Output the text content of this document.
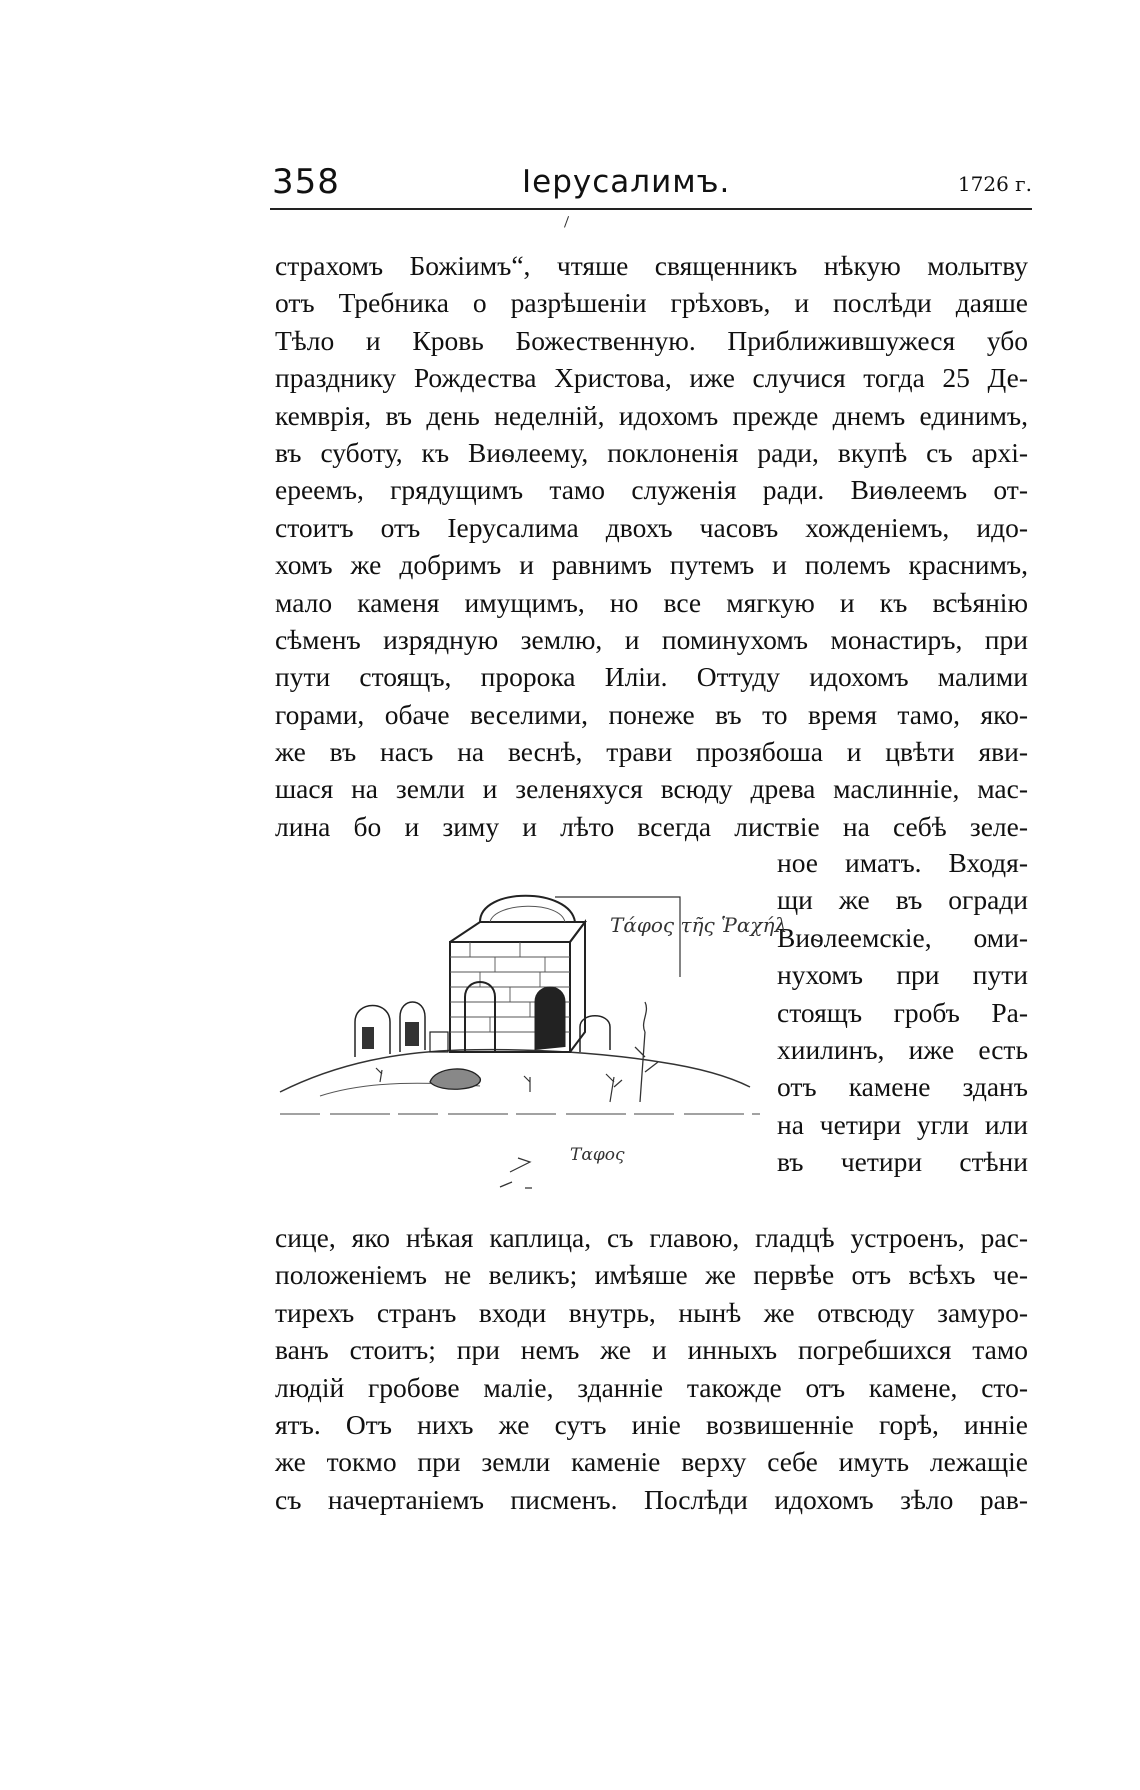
358	Іерусалимъ.	1726 г.
страхомъ Божіимъ“, чтяше священникъ нѣкую молытву
отъ Требника о разрѣшеніи грѣховъ, и послѣди даяше
Тѣло и Кровь Божественную. Приближившужеся убо
празднику Рождества Христова, иже случися тогда 25 Де-
кемврія, въ день неделній, идохомъ прежде днемъ единимъ,
въ суботу, къ Виѳлеему, поклоненія ради, вкупѣ съ архі-
ереемъ, грядущимъ тамо служенія ради. Виѳлеемъ от-
стоитъ отъ Іерусалима двохъ часовъ хожденіемъ, идо-
хомъ же добримъ и равнимъ путемъ и полемъ краснимъ,
мало каменя имущимъ, но все мягкую и къ всѣянію
сѣменъ изрядную землю, и поминухомъ монастиръ, при
пути стоящъ, пророка Иліи. Оттуду идохомъ малими
горами, обаче веселими, понеже въ то время тамо, яко-
же въ насъ на веснѣ, трави прозябоша и цвѣти яви-
шася на земли и зеленяхуся всюду древа маслинніе, мас-
лина бо и зиму и лѣто всегда листвіе на себѣ зеле-
ное иматъ. Входя-
щи же въ огради
Виѳлеемскіе, оми-
нухомъ при пути
стоящъ гробъ Ра-
хиилинъ, иже есть
отъ камене зданъ
на четири угли или
въ четири стѣни
Τάφος τῆς Ῥαχήλ
Ταφος
сице, яко нѣкая каплица, съ главою, гладцѣ устроенъ, рас-
положеніемъ не великъ; имѣяше же первѣе отъ всѣхъ че-
тирехъ странъ входи внутрь, нынѣ же отвсюду замуро-
ванъ стоитъ; при немъ же и инныхъ погребшихся тамо
людій гробове маліе, зданніе такожде отъ камене, сто-
ятъ. Отъ нихъ же сутъ иніе возвишенніе горѣ, инніе
же токмо при земли каменіе верху себе имуть лежащіе
съ начертаніемъ писменъ. Послѣди идохомъ зѣло рав-
